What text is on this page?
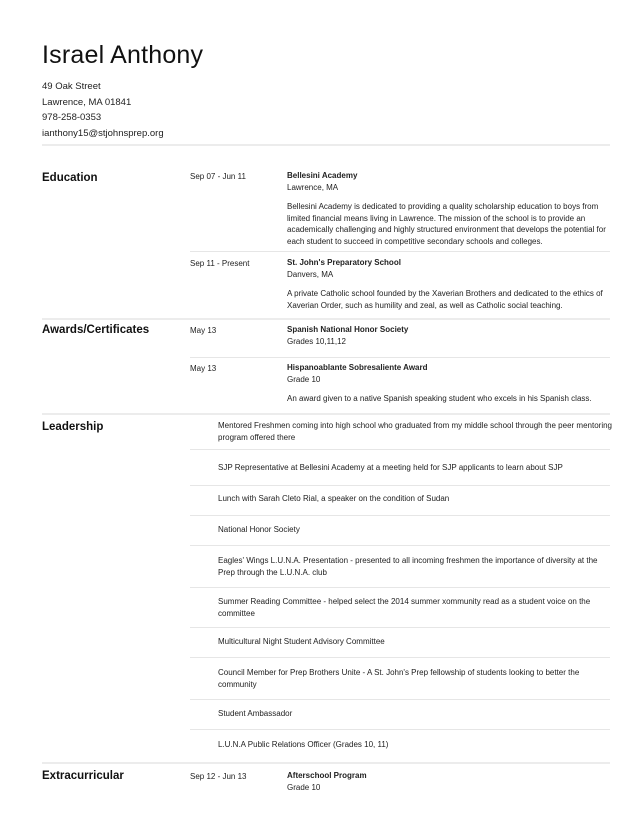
Israel Anthony
49 Oak Street
Lawrence, MA 01841
978-258-0353
ianthony15@stjohnsprep.org
Education	Sep 07 - Jun 11	Bellesini Academy
Lawrence, MA
Bellesini Academy is dedicated to providing a quality scholarship education to boys from limited financial means living in Lawrence. The mission of the school is to provide an academically challenging and highly structured environment that develops the potential for each student to succeed in competitive secondary schools and colleges.
Sep 11 - Present	St. John's Preparatory School
Danvers, MA
A private Catholic school founded by the Xaverian Brothers and dedicated to the ethics of Xaverian Order, such as humility and zeal, as well as Catholic social teaching.
Awards/Certificates	May 13	Spanish National Honor Society
Grades 10,11,12
May 13	Hispanoablante Sobresaliente Award
Grade 10
An award given to a native Spanish speaking student who excels in his Spanish class.
Leadership	Mentored Freshmen coming into high school who graduated from my middle school through the peer mentoring program offered there
SJP Representative at Bellesini Academy at a meeting held for SJP applicants to learn about SJP
Lunch with Sarah Cleto Rial, a speaker on the condition of Sudan
National Honor Society
Eagles' Wings L.U.N.A. Presentation - presented to all incoming freshmen the importance of diversity at the Prep through the L.U.N.A. club
Summer Reading Committee - helped select the 2014 summer xommunity read as a student voice on the committee
Multicultural Night Student Advisory Committee
Council Member for Prep Brothers Unite - A St. John's Prep fellowship of students looking to better the community
Student Ambassador
L.U.N.A Public Relations Officer (Grades 10, 11)
Extracurricular	Sep 12 - Jun 13	Afterschool Program
Grade 10
